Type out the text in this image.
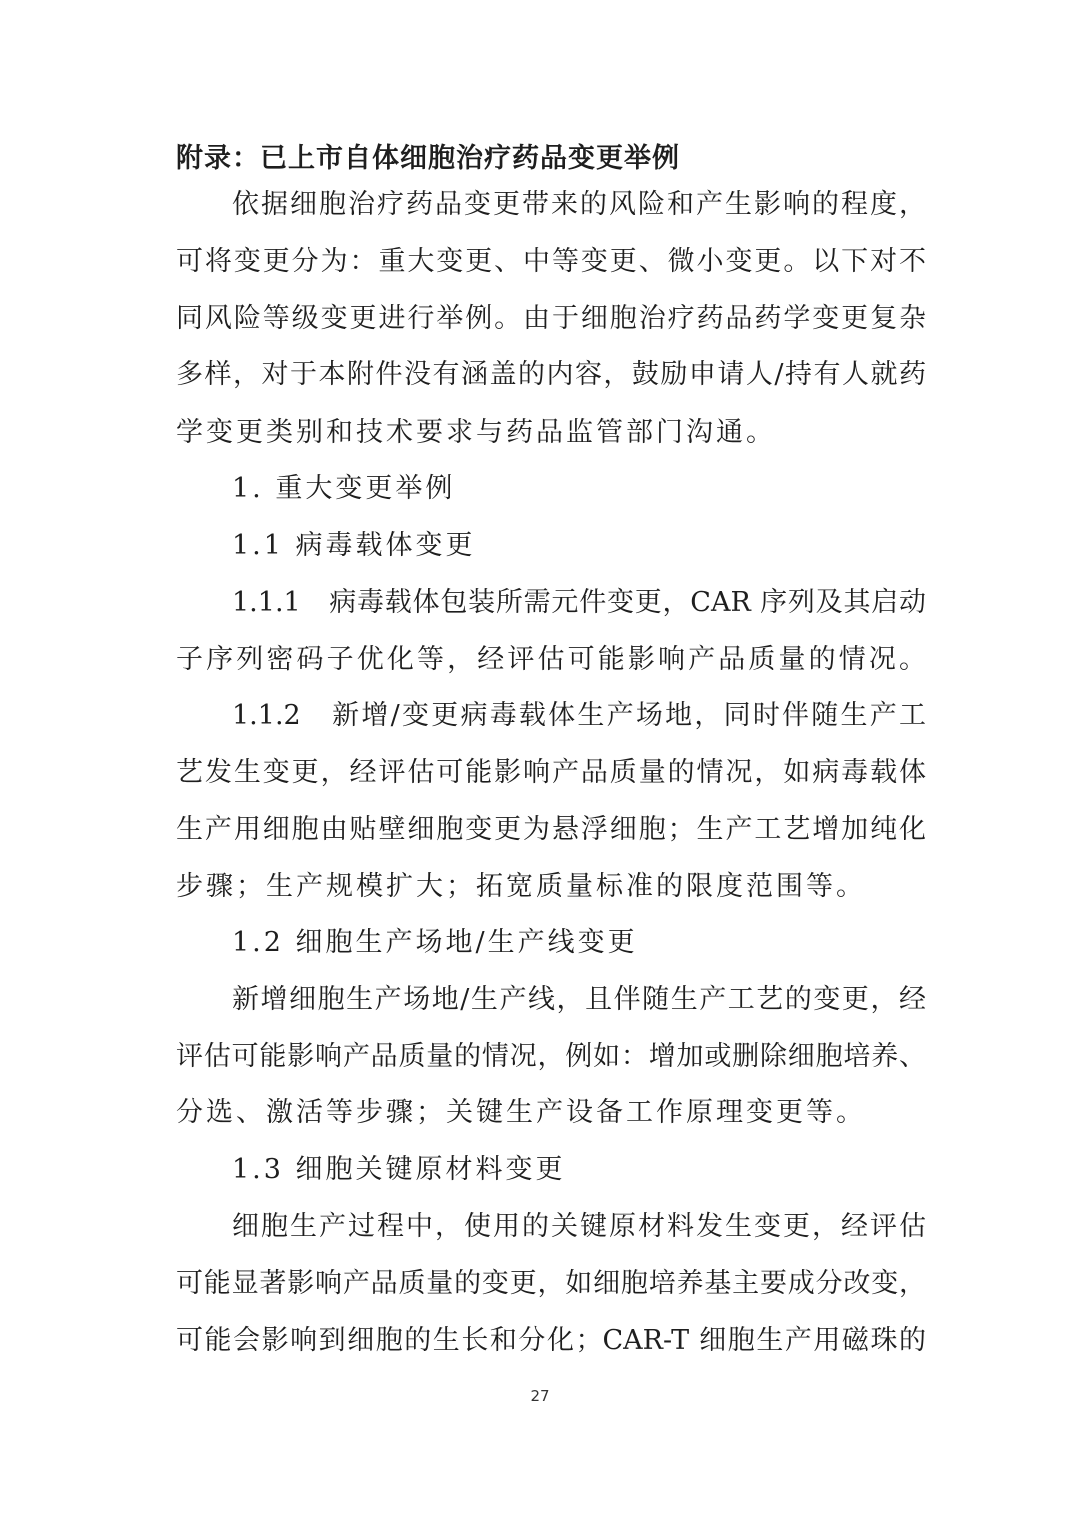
附录：已上市自体细胞治疗药品变更举例
依据细胞治疗药品变更带来的风险和产生影响的程度，
可将变更分为：重大变更、中等变更、微小变更。以下对不
同风险等级变更进行举例。由于细胞治疗药品药学变更复杂
多样，对于本附件没有涵盖的内容，鼓励申请人/持有人就药
学变更类别和技术要求与药品监管部门沟通。
1. 重大变更举例
1.1 病毒载体变更
1.1.1　病毒载体包装所需元件变更，CAR 序列及其启动
子序列密码子优化等，经评估可能影响产品质量的情况。
1.1.2　新增/变更病毒载体生产场地，同时伴随生产工
艺发生变更，经评估可能影响产品质量的情况，如病毒载体
生产用细胞由贴壁细胞变更为悬浮细胞；生产工艺增加纯化
步骤；生产规模扩大；拓宽质量标准的限度范围等。
1.2 细胞生产场地/生产线变更
新增细胞生产场地/生产线，且伴随生产工艺的变更，经
评估可能影响产品质量的情况，例如：增加或删除细胞培养、
分选、激活等步骤；关键生产设备工作原理变更等。
1.3 细胞关键原材料变更
细胞生产过程中，使用的关键原材料发生变更，经评估
可能显著影响产品质量的变更，如细胞培养基主要成分改变，
可能会影响到细胞的生长和分化；CAR-T 细胞生产用磁珠的
27
